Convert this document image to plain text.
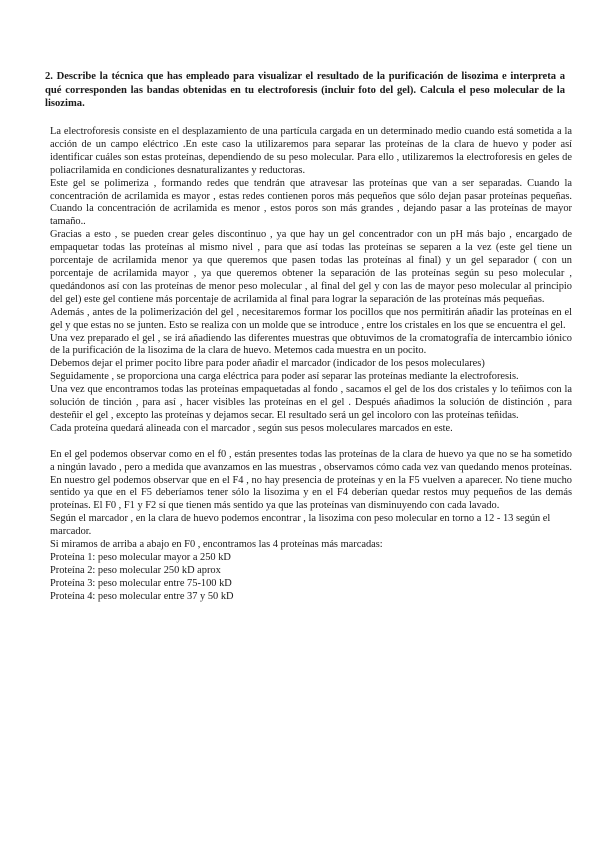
2. Describe la técnica que has empleado para visualizar el resultado de la purificación de lisozima e interpreta a qué corresponden las bandas obtenidas en tu electroforesis (incluir foto del gel). Calcula el peso molecular de la lisozima.

La electroforesis consiste en el desplazamiento de una partícula cargada en un determinado medio cuando está sometida a la acción de un campo eléctrico .En este caso la utilizaremos para separar las proteínas de la clara de huevo y poder así identificar cuáles son estas proteínas, dependiendo de su peso molecular. Para ello , utilizaremos la electroforesis en geles de poliacrilamida en condiciones desnaturalizantes y reductoras.

Este gel se polimeriza , formando redes que tendrán que atravesar las proteínas que van a ser separadas. Cuando la concentración de acrilamida es mayor , estas redes contienen poros más pequeños que sólo dejan pasar proteínas pequeñas. Cuando la concentración de acrilamida es menor , estos poros son más grandes , dejando pasar a las proteínas de mayor tamaño..

Gracias a esto , se pueden crear geles discontinuo , ya que hay un gel concentrador con un pH más bajo , encargado de empaquetar todas las proteínas al mismo nivel , para que así todas las proteínas se separen a la vez (este gel tiene un porcentaje de acrilamida menor ya que queremos que pasen todas las proteínas al final) y un gel separador ( con un porcentaje de acrilamida mayor , ya que queremos obtener la separación de las proteínas según su peso molecular , quedándonos así con las proteínas de menor peso molecular , al final del gel y con las de mayor peso molecular al principio del gel) este gel contiene más porcentaje de acrilamida al final para lograr la separación de las proteínas más pequeñas.

Además , antes de la polimerización del gel , necesitaremos formar los pocillos que nos permitirán añadir las proteínas en el gel y que estas no se junten. Esto se realiza con un molde que se introduce , entre los cristales en los que se encuentra el gel.

Una vez preparado el gel , se irá añadiendo las diferentes muestras que obtuvimos de la cromatografía de intercambio iónico de la purificación de la lisozima de la clara de huevo. Metemos cada muestra en un pocito.

Debemos dejar el primer pocito libre para poder añadir el marcador (indicador de los pesos moleculares)

Seguidamente , se proporciona una carga eléctrica para poder así separar las proteínas mediante la electroforesis.

Una vez que encontramos todas las proteínas empaquetadas al fondo , sacamos el gel de los dos cristales y lo teñimos con la solución de tinción , para así , hacer visibles las proteínas en el gel . Después añadimos la solución de distinción , para desteñir el gel , excepto las proteínas y dejamos secar. El resultado será un gel incoloro con las proteínas teñidas.

Cada proteína quedará alineada con el marcador , según sus pesos moleculares marcados en este.

En el gel podemos observar como en el f0 , están presentes todas las proteínas de la clara de huevo ya que no se ha sometido a ningún lavado , pero a medida que avanzamos en las muestras , observamos cómo cada vez van quedando menos proteínas. En nuestro gel podemos observar que en el F4 , no hay presencia de proteínas y en la F5 vuelven a aparecer. No tiene mucho sentido ya que en el F5 deberíamos tener sólo la lisozima y en el F4 deberían quedar restos muy pequeños de las demás proteínas. El F0 , F1 y F2 sí que tienen más sentido ya que las proteínas van disminuyendo con cada lavado.

Según el marcador , en la clara de huevo podemos encontrar , la lisozima con peso molecular en torno a 12 - 13 según el marcador.

Si miramos de arriba a abajo en F0 , encontramos las 4 proteínas más marcadas:

Proteína 1: peso molecular mayor a 250 kD
Proteína 2: peso molecular 250 kD aprox
Proteína 3: peso molecular entre 75-100 kD
Proteína 4: peso molecular entre 37 y 50 kD
